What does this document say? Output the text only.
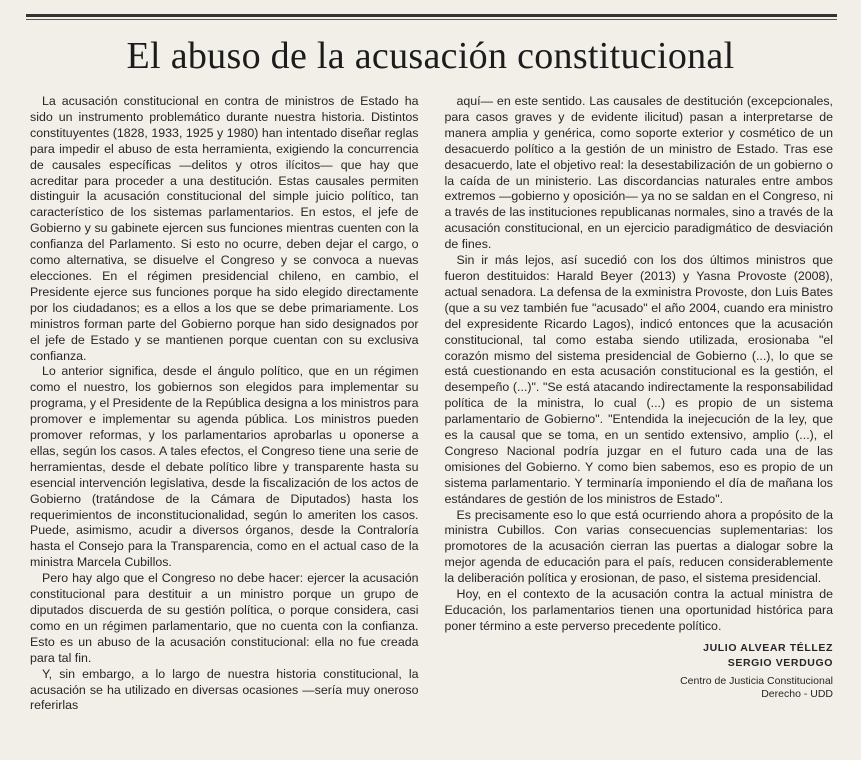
El abuso de la acusación constitucional

La acusación constitucional en contra de ministros de Estado ha sido un instrumento problemático durante nuestra historia. Distintos constituyentes (1828, 1933, 1925 y 1980) han intentado diseñar reglas para impedir el abuso de esta herramienta, exigiendo la concurrencia de causales específicas —delitos y otros ilícitos— que hay que acreditar para proceder a una destitución. Estas causales permiten distinguir la acusación constitucional del simple juicio político, tan característico de los sistemas parlamentarios. En estos, el jefe de Gobierno y su gabinete ejercen sus funciones mientras cuenten con la confianza del Parlamento. Si esto no ocurre, deben dejar el cargo, o como alternativa, se disuelve el Congreso y se convoca a nuevas elecciones. En el régimen presidencial chileno, en cambio, el Presidente ejerce sus funciones porque ha sido elegido directamente por los ciudadanos; es a ellos a los que se debe primariamente. Los ministros forman parte del Gobierno porque han sido designados por el jefe de Estado y se mantienen porque cuentan con su exclusiva confianza.

Lo anterior significa, desde el ángulo político, que en un régimen como el nuestro, los gobiernos son elegidos para implementar su programa, y el Presidente de la República designa a los ministros para promover e implementar su agenda pública. Los ministros pueden promover reformas, y los parlamentarios aprobarlas u oponerse a ellas, según los casos. A tales efectos, el Congreso tiene una serie de herramientas, desde el debate político libre y transparente hasta su esencial intervención legislativa, desde la fiscalización de los actos de Gobierno (tratándose de la Cámara de Diputados) hasta los requerimientos de inconstitucionalidad, según lo ameriten los casos. Puede, asimismo, acudir a diversos órganos, desde la Contraloría hasta el Consejo para la Transparencia, como en el actual caso de la ministra Marcela Cubillos.

Pero hay algo que el Congreso no debe hacer: ejercer la acusación constitucional para destituir a un ministro porque un grupo de diputados discuerda de su gestión política, o porque considera, casi como en un régimen parlamentario, que no cuenta con la confianza. Esto es un abuso de la acusación constitucional: ella no fue creada para tal fin.

Y, sin embargo, a lo largo de nuestra historia constitucional, la acusación se ha utilizado en diversas ocasiones —sería muy oneroso referirlas

aquí— en este sentido. Las causales de destitución (excepcionales, para casos graves y de evidente ilicitud) pasan a interpretarse de manera amplia y genérica, como soporte exterior y cosmético de un desacuerdo político a la gestión de un ministro de Estado. Tras ese desacuerdo, late el objetivo real: la desestabilización de un gobierno o la caída de un ministerio. Las discordancias naturales entre ambos extremos —gobierno y oposición— ya no se saldan en el Congreso, ni a través de las instituciones republicanas normales, sino a través de la acusación constitucional, en un ejercicio paradigmático de desviación de fines.

Sin ir más lejos, así sucedió con los dos últimos ministros que fueron destituidos: Harald Beyer (2013) y Yasna Provoste (2008), actual senadora. La defensa de la exministra Provoste, don Luis Bates (que a su vez también fue "acusado" el año 2004, cuando era ministro del expresidente Ricardo Lagos), indicó entonces que la acusación constitucional, tal como estaba siendo utilizada, erosionaba "el corazón mismo del sistema presidencial de Gobierno (...), lo que se está cuestionando en esta acusación constitucional es la gestión, el desempeño (...)". "Se está atacando indirectamente la responsabilidad política de la ministra, lo cual (...) es propio de un sistema parlamentario de Gobierno". "Entendida la inejecución de la ley, que es la causal que se toma, en un sentido extensivo, amplio (...), el Congreso Nacional podría juzgar en el futuro cada una de las omisiones del Gobierno. Y como bien sabemos, eso es propio de un sistema parlamentario. Y terminaría imponiendo el día de mañana los estándares de gestión de los ministros de Estado".

Es precisamente eso lo que está ocurriendo ahora a propósito de la ministra Cubillos. Con varias consecuencias suplementarias: los promotores de la acusación cierran las puertas a dialogar sobre la mejor agenda de educación para el país, reducen considerablemente la deliberación política y erosionan, de paso, el sistema presidencial.

Hoy, en el contexto de la acusación contra la actual ministra de Educación, los parlamentarios tienen una oportunidad histórica para poner término a este perverso precedente político.

JULIO ALVEAR TÉLLEZ
SERGIO VERDUGO
Centro de Justicia Constitucional
Derecho - UDD
